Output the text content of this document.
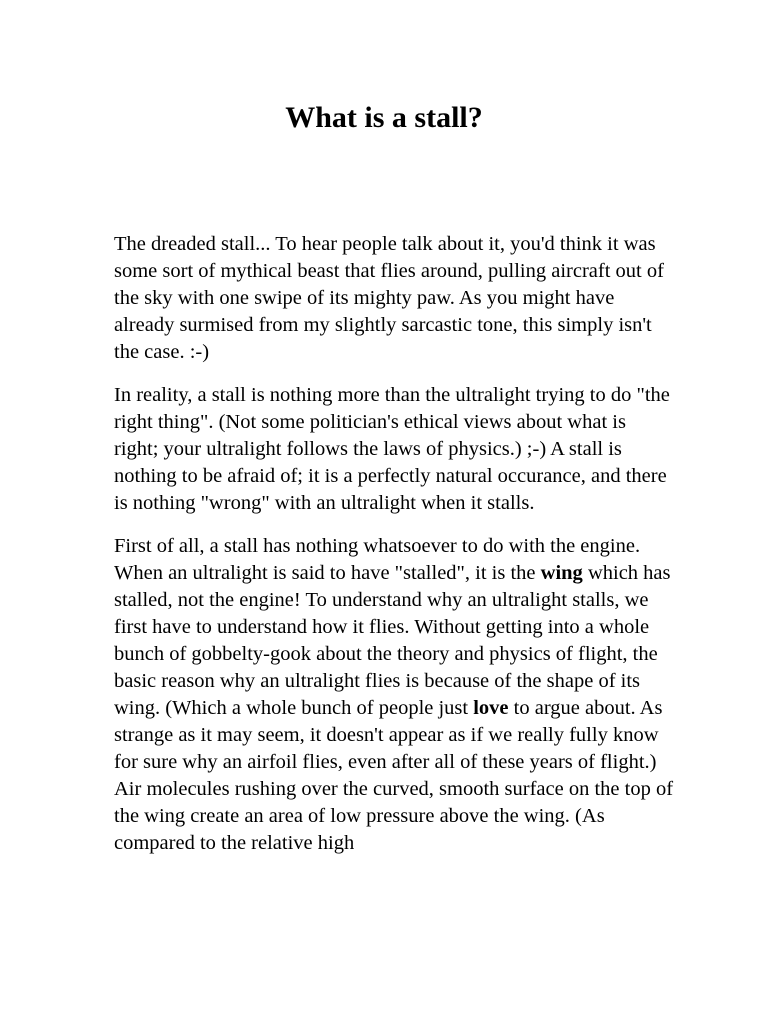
What is a stall?

The dreaded stall... To hear people talk about it, you'd think it was some sort of mythical beast that flies around, pulling aircraft out of the sky with one swipe of its mighty paw. As you might have already surmised from my slightly sarcastic tone, this simply isn't the case. :-)

In reality, a stall is nothing more than the ultralight trying to do "the right thing". (Not some politician's ethical views about what is right; your ultralight follows the laws of physics.) ;-) A stall is nothing to be afraid of; it is a perfectly natural occurance, and there is nothing "wrong" with an ultralight when it stalls.

First of all, a stall has nothing whatsoever to do with the engine. When an ultralight is said to have "stalled", it is the wing which has stalled, not the engine! To understand why an ultralight stalls, we first have to understand how it flies. Without getting into a whole bunch of gobbelty-gook about the theory and physics of flight, the basic reason why an ultralight flies is because of the shape of its wing. (Which a whole bunch of people just love to argue about. As strange as it may seem, it doesn't appear as if we really fully know for sure why an airfoil flies, even after all of these years of flight.) Air molecules rushing over the curved, smooth surface on the top of the wing create an area of low pressure above the wing. (As compared to the relative high
